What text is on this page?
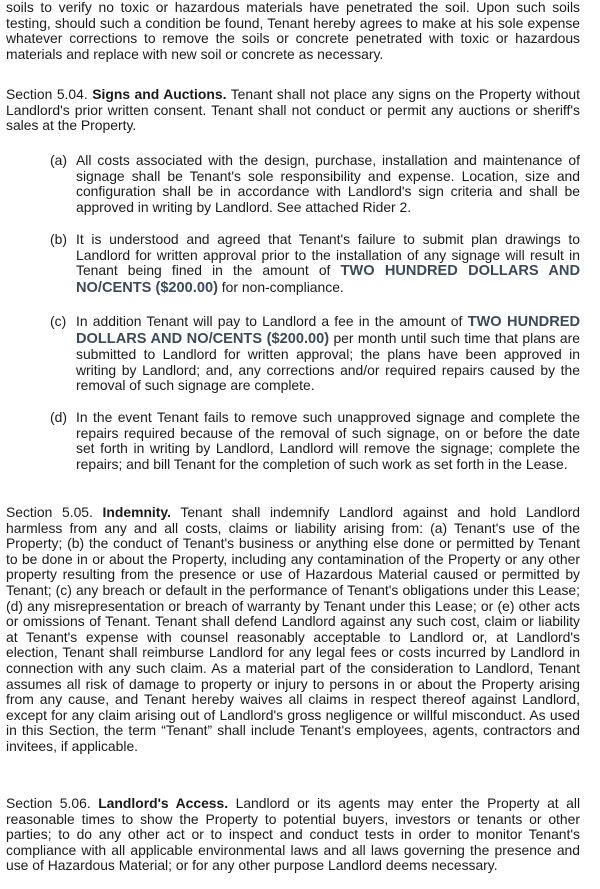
soils to verify no toxic or hazardous materials have penetrated the soil. Upon such soils testing, should such a condition be found, Tenant hereby agrees to make at his sole expense whatever corrections to remove the soils or concrete penetrated with toxic or hazardous materials and replace with new soil or concrete as necessary.

Section 5.04. Signs and Auctions. Tenant shall not place any signs on the Property without Landlord's prior written consent. Tenant shall not conduct or permit any auctions or sheriff's sales at the Property.

(a) All costs associated with the design, purchase, installation and maintenance of signage shall be Tenant's sole responsibility and expense. Location, size and configuration shall be in accordance with Landlord's sign criteria and shall be approved in writing by Landlord. See attached Rider 2.
(b) It is understood and agreed that Tenant's failure to submit plan drawings to Landlord for written approval prior to the installation of any signage will result in Tenant being fined in the amount of TWO HUNDRED DOLLARS AND NO/CENTS ($200.00) for non-compliance.
(c) In addition Tenant will pay to Landlord a fee in the amount of TWO HUNDRED DOLLARS AND NO/CENTS ($200.00) per month until such time that plans are submitted to Landlord for written approval; the plans have been approved in writing by Landlord; and, any corrections and/or required repairs caused by the removal of such signage are complete.
(d) In the event Tenant fails to remove such unapproved signage and complete the repairs required because of the removal of such signage, on or before the date set forth in writing by Landlord, Landlord will remove the signage; complete the repairs; and bill Tenant for the completion of such work as set forth in the Lease.

Section 5.05. Indemnity. Tenant shall indemnify Landlord against and hold Landlord harmless from any and all costs, claims or liability arising from: (a) Tenant's use of the Property; (b) the conduct of Tenant's business or anything else done or permitted by Tenant to be done in or about the Property, including any contamination of the Property or any other property resulting from the presence or use of Hazardous Material caused or permitted by Tenant; (c) any breach or default in the performance of Tenant's obligations under this Lease; (d) any misrepresentation or breach of warranty by Tenant under this Lease; or (e) other acts or omissions of Tenant. Tenant shall defend Landlord against any such cost, claim or liability at Tenant's expense with counsel reasonably acceptable to Landlord or, at Landlord's election, Tenant shall reimburse Landlord for any legal fees or costs incurred by Landlord in connection with any such claim. As a material part of the consideration to Landlord, Tenant assumes all risk of damage to property or injury to persons in or about the Property arising from any cause, and Tenant hereby waives all claims in respect thereof against Landlord, except for any claim arising out of Landlord's gross negligence or willful misconduct. As used in this Section, the term “Tenant” shall include Tenant's employees, agents, contractors and invitees, if applicable.

Section 5.06. Landlord's Access. Landlord or its agents may enter the Property at all reasonable times to show the Property to potential buyers, investors or tenants or other parties; to do any other act or to inspect and conduct tests in order to monitor Tenant's compliance with all applicable environmental laws and all laws governing the presence and use of Hazardous Material; or for any other purpose Landlord deems necessary.
